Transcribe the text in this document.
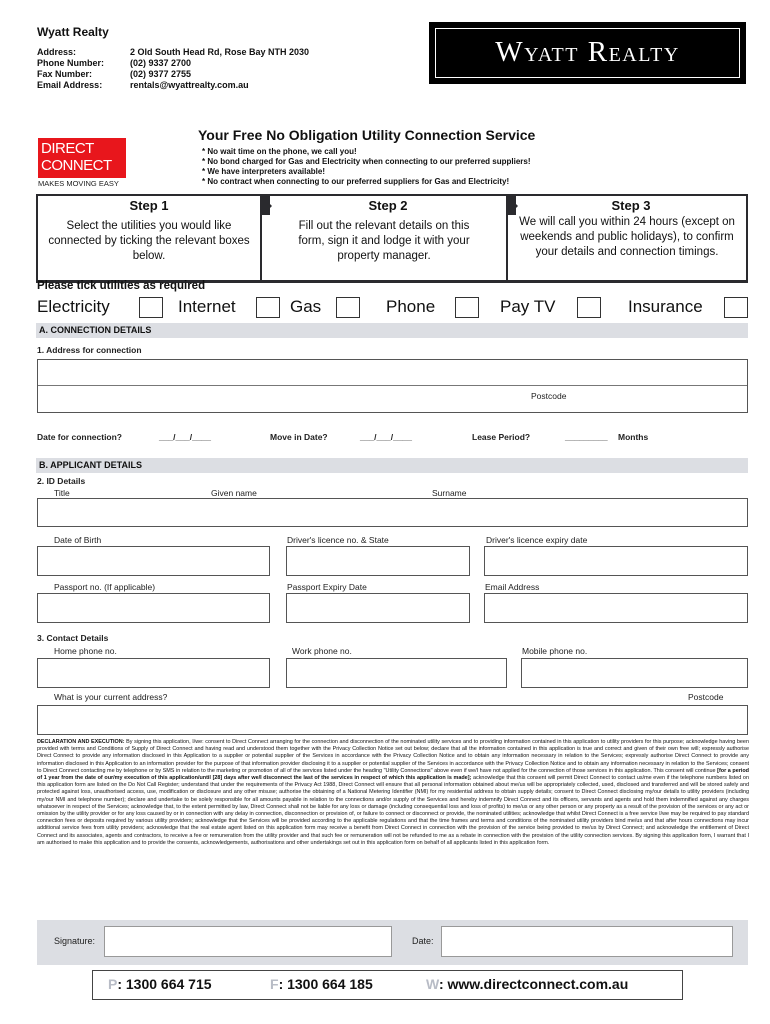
Wyatt Realty
Address:	2 Old South Head Rd, Rose Bay NTH 2030
Phone Number:	(02) 9337 2700
Fax Number:	(02) 9377 2755
Email Address:	rentals@wyattrealty.com.au
Wyatt Realty
DIRECT
CONNECT
MAKES MOVING EASY
Your Free No Obligation Utility Connection Service
* No wait time on the phone, we call you!
* No bond charged for Gas and Electricity when connecting to our preferred suppliers!
* We have interpreters available!
* No contract when connecting to our preferred suppliers for Gas and Electricity!
Step 1	Step 2	Step 3
Select the utilities you would like connected by ticking the relevant boxes below.
Fill out the relevant details on this form, sign it and lodge it with your property manager.
We will call you within 24 hours (except on weekends and public holidays), to confirm your details and connection timings.
Please tick utilities as required
Electricity	Internet	Gas	Phone	Pay TV	Insurance
A. CONNECTION DETAILS
1. Address for connection
Postcode
Date for connection?	___/___/____	Move in Date?	___/___/____	Lease Period?	_________ Months
B. APPLICANT DETAILS
2. ID Details
Title	Given name	Surname
Date of Birth	Driver's licence no. & State	Driver's licence expiry date
Passport no. (If applicable)	Passport Expiry Date	Email Address
3. Contact Details
Home phone no.	Work phone no.	Mobile phone no.
What is your current address?	Postcode
DECLARATION AND EXECUTION: By signing this application, I/we: consent to Direct Connect arranging for the connection and disconnection of the nominated utility services and to providing information contained in this application to utility providers for this purpose; acknowledge having been provided with terms and Conditions of Supply of Direct Connect and having read and understood them together with the Privacy Collection Notice set out below; declare that all the information contained in this application is true and correct and given of their own free will; expressly authorise Direct Connect to provide any information disclosed in this Application to a supplier or potential supplier of the Services in accordance with the Privacy Collection Notice and to obtain any information necessary in relation to the Services; expressly authorise Direct Connect to provide any information disclosed in this Application to an information provider for the purpose of that information provider disclosing it to a supplier or potential supplier of the Services in accordance with the Privacy Collection Notice and to obtain any information necessary in relation to the Services; consent to Direct Connect contacting me by telephone or by SMS in relation to the marketing or promotion of all of the services listed under the heading "Utility Connections" above even if we/I have not applied for the connection of those services in this application. This consent will continue [for a period of 1 year from the date of our/my execution of this application/until [28] days after we/I disconnect the last of the services in respect of which this application is made]; acknowledge that this consent will permit Direct Connect to contact us/me even if the telephone numbers listed on this application form are listed on the Do Not Call Register; understand that under the requirements of the Privacy Act 1988, Direct Connect will ensure that all personal information obtained about me/us will be appropriately collected, used, disclosed and transferred and will be stored safely and protected against loss, unauthorised access, use, modification or disclosure and any other misuse; authorise the obtaining of a National Metering Identifier (NMI) for my residential address to obtain supply details; consent to Direct Connect disclosing my/our details to utility providers (including my/our NMI and telephone number); declare and undertake to be solely responsible for all amounts payable in relation to the connections and/or supply of the Services and hereby indemnify Direct Connect and its officers, servants and agents and hold them indemnified against any charges whatsoever in respect of the Services; acknowledge that, to the extent permitted by law, Direct Connect shall not be liable for any loss or damage (including consequential loss and loss of profits) to me/us or any other person or any property as a result of the provision of the services or any act or omission by the utility provider or for any loss caused by or in connection with any delay in connection, disconnection or provision of, or failure to connect or disconnect or provide, the nominated utilities; acknowledge that whilst Direct Connect is a free service I/we may be required to pay standard connection fees or deposits required by various utility providers; acknowledge that the Services will be provided according to the applicable regulations and that the time frames and terms and conditions of the nominated utility providers bind me/us and that after hours connections may incur additional service fees from utility providers; acknowledge that the real estate agent listed on this application form may receive a benefit from Direct Connect in connection with the provision of the service being provided to me/us by Direct Connect; and acknowledge the entitlement of Direct Connect and its associates, agents and contractors, to receive a fee or remuneration from the utility provider and that such fee or remuneration will not be refunded to me as a rebate in connection with the provision of the utility connection services. By signing this application form, I warrant that I am authorised to make this application and to provide the consents, acknowledgements, authorisations and other undertakings set out in this application form on behalf of all applicants listed in this application form.
Signature:	Date:
P: 1300 664 715	F: 1300 664 185	W: www.directconnect.com.au
